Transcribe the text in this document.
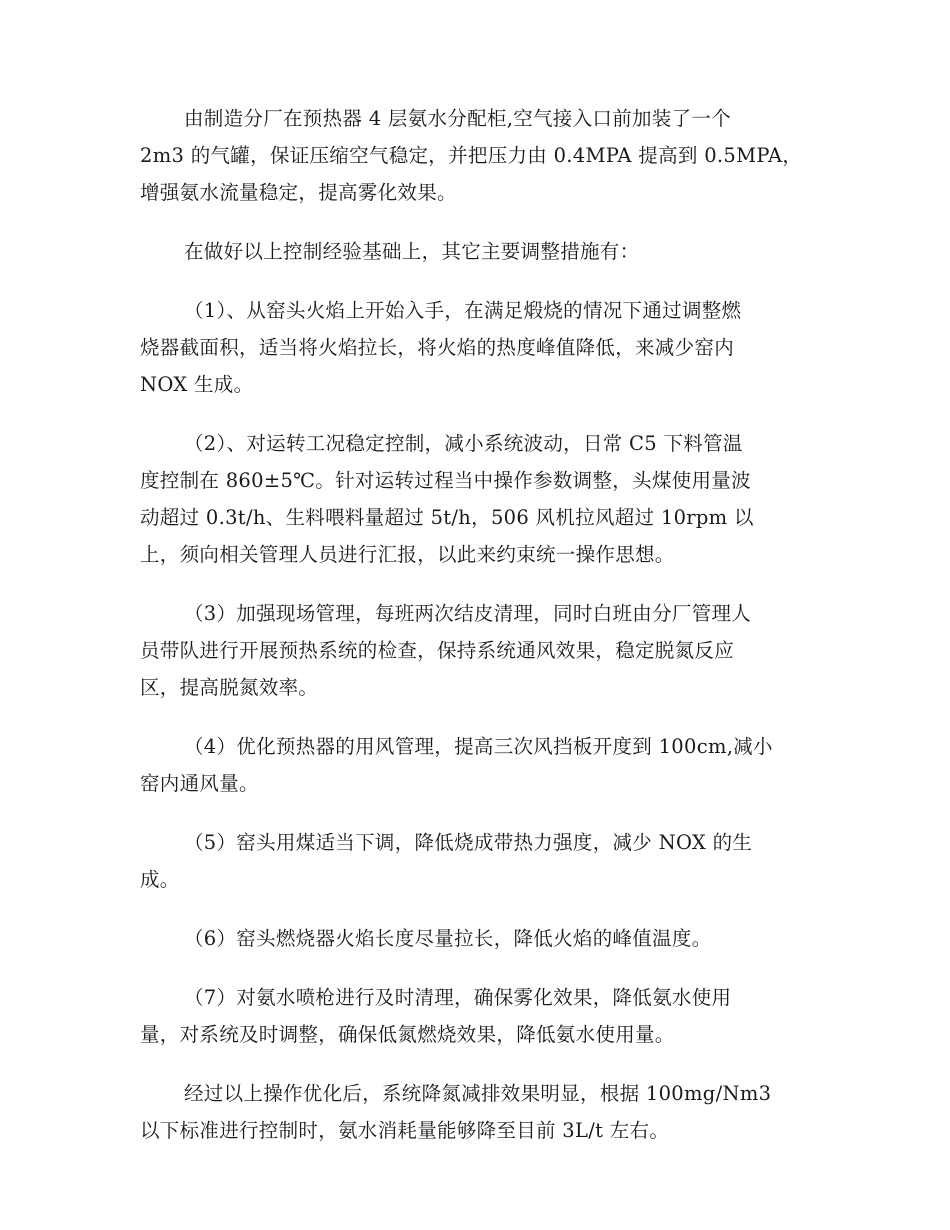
由制造分厂在预热器 4 层氨水分配柜,空气接入口前加装了一个
2m3 的气罐，保证压缩空气稳定，并把压力由 0.4MPA 提高到 0.5MPA，
增强氨水流量稳定，提高雾化效果。

在做好以上控制经验基础上，其它主要调整措施有：

（1）、从窑头火焰上开始入手，在满足煅烧的情况下通过调整燃
烧器截面积，适当将火焰拉长，将火焰的热度峰值降低，来减少窑内
NOX 生成。

（2）、对运转工况稳定控制，减小系统波动，日常 C5 下料管温
度控制在 860±5℃。针对运转过程当中操作参数调整，头煤使用量波
动超过 0.3t/h、生料喂料量超过 5t/h，506 风机拉风超过 10rpm 以
上，须向相关管理人员进行汇报，以此来约束统一操作思想。

（3）加强现场管理，每班两次结皮清理，同时白班由分厂管理人
员带队进行开展预热系统的检查，保持系统通风效果，稳定脱氮反应
区，提高脱氮效率。

（4）优化预热器的用风管理，提高三次风挡板开度到 100cm,减小
窑内通风量。

（5）窑头用煤适当下调，降低烧成带热力强度，减少 NOX 的生
成。

（6）窑头燃烧器火焰长度尽量拉长，降低火焰的峰值温度。

（7）对氨水喷枪进行及时清理，确保雾化效果，降低氨水使用
量，对系统及时调整，确保低氮燃烧效果，降低氨水使用量。

经过以上操作优化后，系统降氮减排效果明显，根据 100mg/Nm3
以下标准进行控制时，氨水消耗量能够降至目前 3L/t 左右。
